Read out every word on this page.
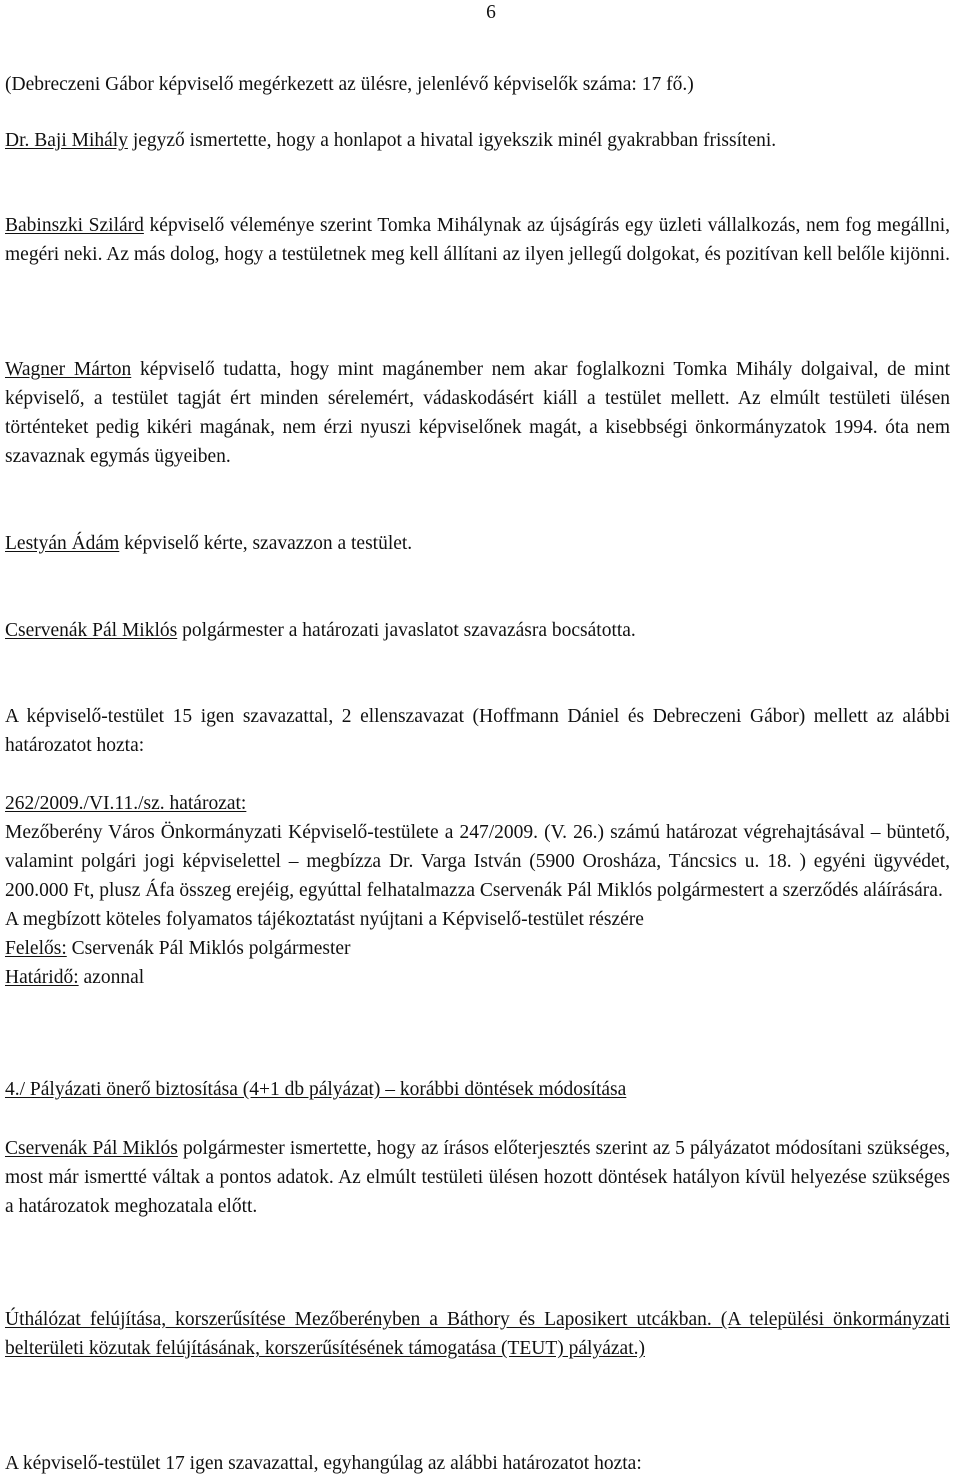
6

(Debreczeni Gábor képviselő megérkezett az ülésre, jelenlévő képviselők száma: 17 fő.)

Dr. Baji Mihály jegyző ismertette, hogy a honlapot a hivatal igyekszik minél gyakrabban frissíteni.

Babinszki Szilárd képviselő véleménye szerint Tomka Mihálynak az újságírás egy üzleti vállalkozás, nem fog megállni, megéri neki. Az más dolog, hogy a testületnek meg kell állítani az ilyen jellegű dolgokat, és pozitívan kell belőle kijönni.

Wagner Márton képviselő tudatta, hogy mint magánember nem akar foglalkozni Tomka Mihály dolgaival, de mint képviselő, a testület tagját ért minden sérelemért, vádaskodásért kiáll a testület mellett. Az elmúlt testületi ülésen történteket pedig kikéri magának, nem érzi nyuszi képviselőnek magát, a kisebbségi önkormányzatok 1994. óta nem szavaznak egymás ügyeiben.

Lestyán Ádám képviselő kérte, szavazzon a testület.

Cservenák Pál Miklós polgármester a határozati javaslatot szavazásra bocsátotta.

A képviselő-testület 15 igen szavazattal, 2 ellenszavazat (Hoffmann Dániel és Debreczeni Gábor) mellett az alábbi határozatot hozta:

262/2009./VI.11./sz. határozat:

Mezőberény Város Önkormányzati Képviselő-testülete a 247/2009. (V. 26.) számú határozat végrehajtásával – büntető, valamint polgári jogi képviselettel – megbízza Dr. Varga István (5900 Orosháza, Táncsics u. 18. ) egyéni ügyvédet, 200.000 Ft, plusz Áfa összeg erejéig, egyúttal felhatalmazza Cservenák Pál Miklós polgármestert a szerződés aláírására.

A megbízott köteles folyamatos tájékoztatást nyújtani a Képviselő-testület részére

Felelős: Cservenák Pál Miklós polgármester

Határidő: azonnal

4./ Pályázati önerő biztosítása (4+1 db pályázat) – korábbi döntések módosítása

Cservenák Pál Miklós polgármester ismertette, hogy az írásos előterjesztés szerint az 5 pályázatot módosítani szükséges, most már ismertté váltak a pontos adatok. Az elmúlt testületi ülésen hozott döntések hatályon kívül helyezése szükséges a határozatok meghozatala előtt.

Úthálózat felújítása, korszerűsítése Mezőberényben a Báthory és Laposikert utcákban. (A települési önkormányzati belterületi közutak felújításának, korszerűsítésének támogatása (TEUT) pályázat.)

A képviselő-testület 17 igen szavazattal, egyhangúlag az alábbi határozatot hozta:
